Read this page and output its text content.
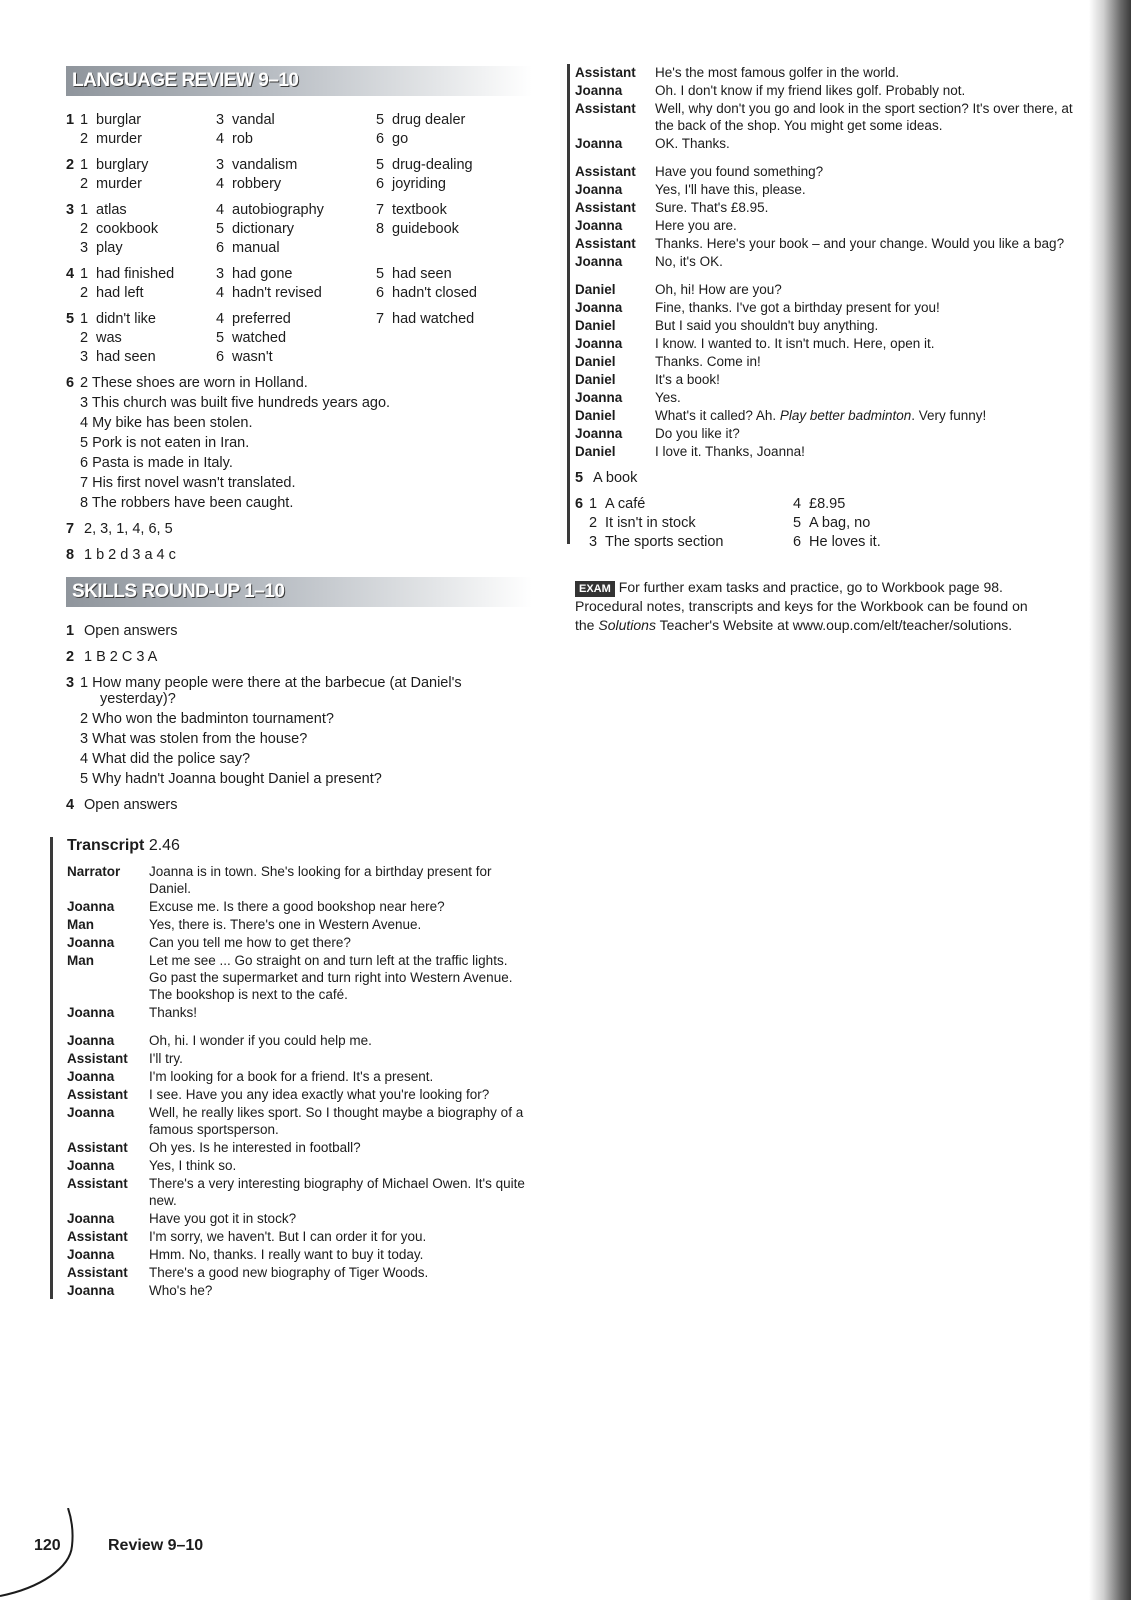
LANGUAGE REVIEW 9–10
1 1 burglar	3 vandal	5 drug dealer
2 murder	4 rob	6 go
2 1 burglary	3 vandalism	5 drug-dealing
2 murder	4 robbery	6 joyriding
3 1 atlas	4 autobiography	7 textbook
2 cookbook	5 dictionary	8 guidebook
3 play	6 manual
4 1 had finished	3 had gone	5 had seen
2 had left	4 hadn't revised	6 hadn't closed
5 1 didn't like	4 preferred	7 had watched
2 was	5 watched
3 had seen	6 wasn't
6 2 These shoes are worn in Holland.
3 This church was built five hundreds years ago.
4 My bike has been stolen.
5 Pork is not eaten in Iran.
6 Pasta is made in Italy.
7 His first novel wasn't translated.
8 The robbers have been caught.
7 2, 3, 1, 4, 6, 5
8 1 b 2 d 3 a 4 c
SKILLS ROUND-UP 1–10
1 Open answers
2 1 B 2 C 3 A
3 1 How many people were there at the barbecue (at Daniel's yesterday)?
2 Who won the badminton tournament?
3 What was stolen from the house?
4 What did the police say?
5 Why hadn't Joanna bought Daniel a present?
4 Open answers
Transcript 2.46
Narrator	Joanna is in town. She's looking for a birthday present for Daniel.
Joanna	Excuse me. Is there a good bookshop near here?
Man	Yes, there is. There's one in Western Avenue.
Joanna	Can you tell me how to get there?
Man	Let me see ... Go straight on and turn left at the traffic lights. Go past the supermarket and turn right into Western Avenue. The bookshop is next to the café.
Joanna	Thanks!
Joanna	Oh, hi. I wonder if you could help me.
Assistant	I'll try.
Joanna	I'm looking for a book for a friend. It's a present.
Assistant	I see. Have you any idea exactly what you're looking for?
Joanna	Well, he really likes sport. So I thought maybe a biography of a famous sportsperson.
Assistant	Oh yes. Is he interested in football?
Joanna	Yes, I think so.
Assistant	There's a very interesting biography of Michael Owen. It's quite new.
Joanna	Have you got it in stock?
Assistant	I'm sorry, we haven't. But I can order it for you.
Joanna	Hmm. No, thanks. I really want to buy it today.
Assistant	There's a good new biography of Tiger Woods.
Joanna	Who's he?
Assistant	He's the most famous golfer in the world.
Joanna	Oh. I don't know if my friend likes golf. Probably not.
Assistant	Well, why don't you go and look in the sport section? It's over there, at the back of the shop. You might get some ideas.
Joanna	OK. Thanks.
Assistant	Have you found something?
Joanna	Yes, I'll have this, please.
Assistant	Sure. That's £8.95.
Joanna	Here you are.
Assistant	Thanks. Here's your book – and your change. Would you like a bag?
Joanna	No, it's OK.
Daniel	Oh, hi! How are you?
Joanna	Fine, thanks. I've got a birthday present for you!
Daniel	But I said you shouldn't buy anything.
Joanna	I know. I wanted to. It isn't much. Here, open it.
Daniel	Thanks. Come in!
Daniel	It's a book!
Joanna	Yes.
Daniel	What's it called? Ah. Play better badminton. Very funny!
Joanna	Do you like it?
Daniel	I love it. Thanks, Joanna!
5 A book
6 1 A café	4 £8.95
2 It isn't in stock	5 A bag, no
3 The sports section	6 He loves it.
EXAM For further exam tasks and practice, go to Workbook page 98. Procedural notes, transcripts and keys for the Workbook can be found on the Solutions Teacher's Website at www.oup.com/elt/teacher/solutions.
120	Review 9–10
